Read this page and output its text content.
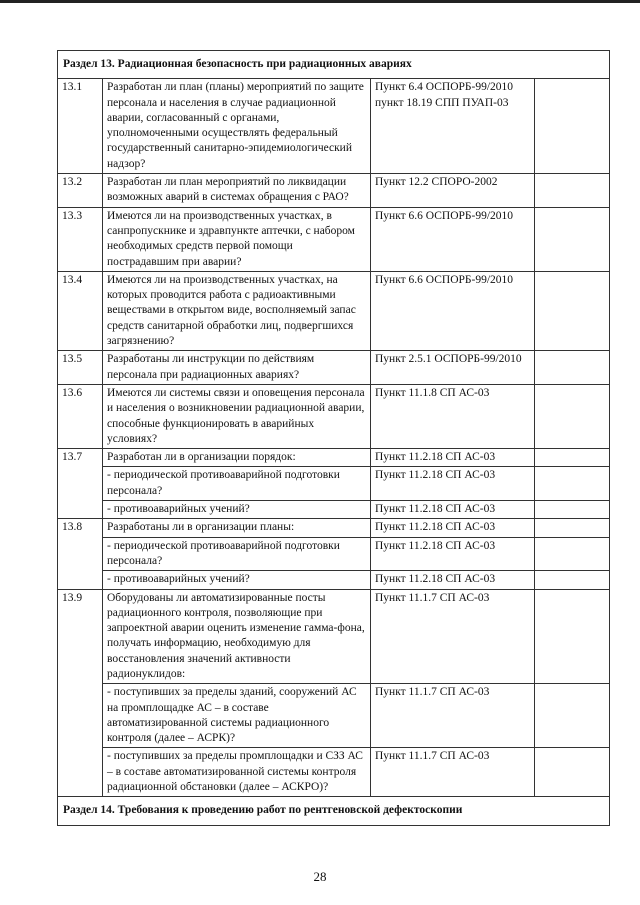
Раздел 13. Радиационная безопасность при радиационных авариях			
13.1	Разработан ли план (планы) мероприятий по защите персонала и населения в случае радиационной аварии, согласованный с органами, уполномоченными осуществлять федеральный государственный санитарно-эпидемиологический надзор?	Пункт 6.4 ОСПОРБ-99/2010 пункт 18.19 СПП ПУАП-03	
13.2	Разработан ли план мероприятий по ликвидации возможных аварий в системах обращения с РАО?	Пункт 12.2 СПОРО-2002	
13.3	Имеются ли на производственных участках, в санпропускнике и здравпункте аптечки, с набором необходимых средств первой помощи пострадавшим при аварии?	Пункт 6.6 ОСПОРБ-99/2010	
13.4	Имеются ли на производственных участках, на которых проводится работа с радиоактивными веществами в открытом виде, восполняемый запас средств санитарной обработки лиц, подвергшихся загрязнению?	Пункт 6.6 ОСПОРБ-99/2010	
13.5	Разработаны ли инструкции по действиям персонала при радиационных авариях?	Пункт 2.5.1 ОСПОРБ-99/2010	
13.6	Имеются ли системы связи и оповещения персонала и населения о возникновении радиационной аварии, способные функционировать в аварийных условиях?	Пункт 11.1.8 СП АС-03	
13.7	Разработан ли в организации порядок:	Пункт 11.2.18 СП АС-03	
	- периодической противоаварийной подготовки персонала?	Пункт 11.2.18 СП АС-03	
	- противоаварийных учений?	Пункт 11.2.18 СП АС-03	
13.8	Разработаны ли в организации планы:	Пункт 11.2.18 СП АС-03	
	- периодической противоаварийной подготовки персонала?	Пункт 11.2.18 СП АС-03	
	- противоаварийных учений?	Пункт 11.2.18 СП АС-03	
13.9	Оборудованы ли автоматизированные посты радиационного контроля, позволяющие при запроектной аварии оценить изменение гамма-фона, получать информацию, необходимую для восстановления значений активности радионуклидов:	Пункт 11.1.7 СП АС-03	
	- поступивших за пределы зданий, сооружений АС на промплощадке АС – в составе автоматизированной системы радиационного контроля (далее – АСРК)?	Пункт 11.1.7 СП АС-03	
	- поступивших за пределы промплощадки и СЗЗ АС – в составе автоматизированной системы контроля радиационной обстановки (далее – АСКРО)?	Пункт 11.1.7 СП АС-03	
Раздел 14. Требования к проведению работ по рентгеновской дефектоскопии			
28
